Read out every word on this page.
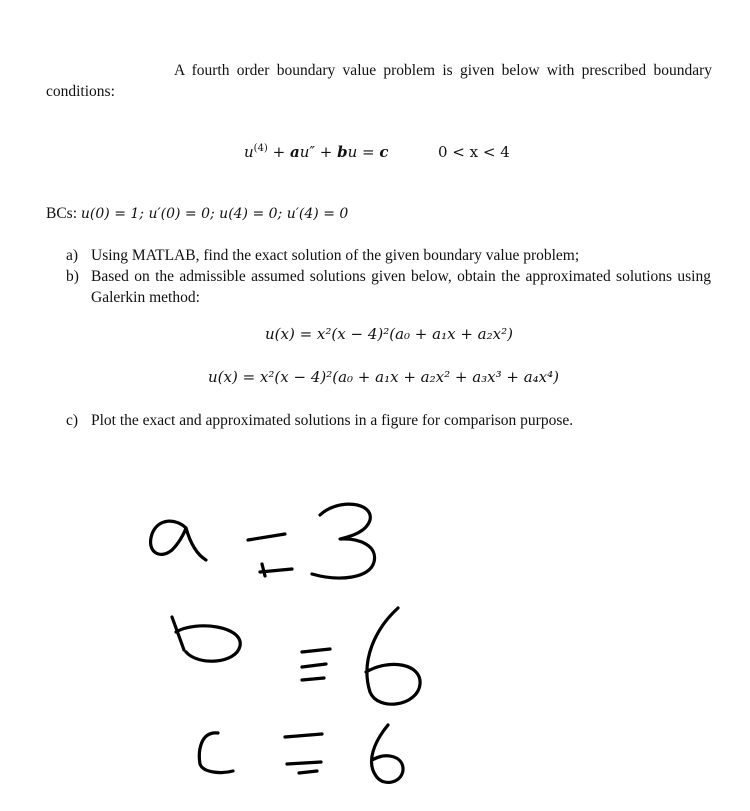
A fourth order boundary value problem is given below with prescribed boundary conditions:
$u^{(4)} + au''$ + bu = c	0 < x < 4
BCs: u(0) = 1; u′(0) = 0; u(4) = 0; u′(4) = 0
a) Using MATLAB, find the exact solution of the given boundary value problem;
b) Based on the admissible assumed solutions given below, obtain the approximated solutions using Galerkin method:
u(x) = x²(x − 4)²(a₀ + a₁x + a₂x²)
u(x) = x²(x − 4)²(a₀ + a₁x + a₂x² + a₃x³ + a₄x⁴)
c) Plot the exact and approximated solutions in a figure for comparison purpose.
